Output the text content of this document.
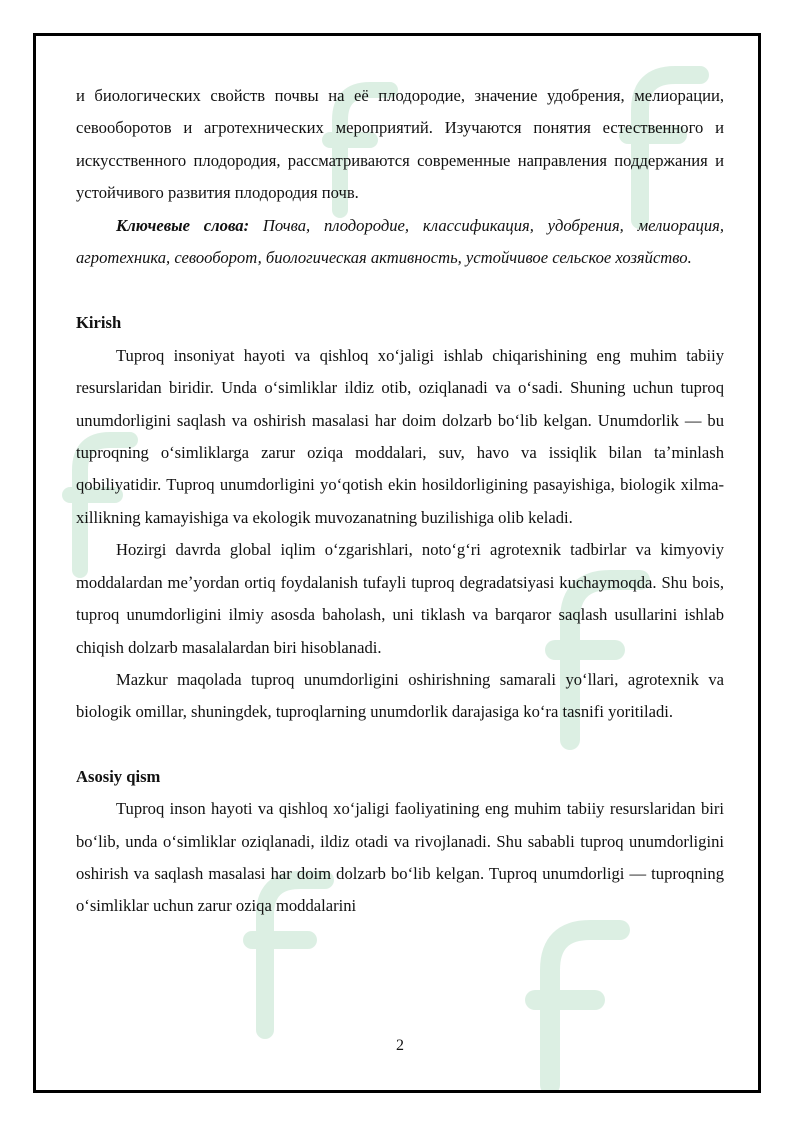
и биологических свойств почвы на её плодородие, значение удобрения, мелиорации, севооборотов и агротехнических мероприятий. Изучаются понятия естественного и искусственного плодородия, рассматриваются современные направления поддержания и устойчивого развития плодородия почв.

Ключевые слова: Почва, плодородие, классификация, удобрения, мелиорация, агротехника, севооборот, биологическая активность, устойчивое сельское хозяйство.

Kirish

Tuproq insoniyat hayoti va qishloq xoʻjaligi ishlab chiqarishining eng muhim tabiiy resurslaridan biridir. Unda oʻsimliklar ildiz otib, oziqlanadi va oʻsadi. Shuning uchun tuproq unumdorligini saqlash va oshirish masalasi har doim dolzarb boʻlib kelgan. Unumdorlik — bu tuproqning oʻsimliklarga zarur oziqa moddalari, suv, havo va issiqlik bilan taʼminlash qobiliyatidir. Tuproq unumdorligini yoʻqotish ekin hosildorligining pasayishiga, biologik xilma-xillikning kamayishiga va ekologik muvozanatning buzilishiga olib keladi.

Hozirgi davrda global iqlim oʻzgarishlari, notoʻgʻri agrotexnik tadbirlar va kimyoviy moddalardan meʼyordan ortiq foydalanish tufayli tuproq degradatsiyasi kuchaymoqda. Shu bois, tuproq unumdorligini ilmiy asosda baholash, uni tiklash va barqaror saqlash usullarini ishlab chiqish dolzarb masalalardan biri hisoblanadi.

Mazkur maqolada tuproq unumdorligini oshirishning samarali yoʻllari, agrotexnik va biologik omillar, shuningdek, tuproqlarning unumdorlik darajasiga koʻra tasnifi yoritiladi.

Asosiy qism

Tuproq inson hayoti va qishloq xoʻjaligi faoliyatining eng muhim tabiiy resurslaridan biri boʻlib, unda oʻsimliklar oziqlanadi, ildiz otadi va rivojlanadi. Shu sababli tuproq unumdorligini oshirish va saqlash masalasi har doim dolzarb boʻlib kelgan. Tuproq unumdorligi — tuproqning oʻsimliklar uchun zarur oziqa moddalarini

2
